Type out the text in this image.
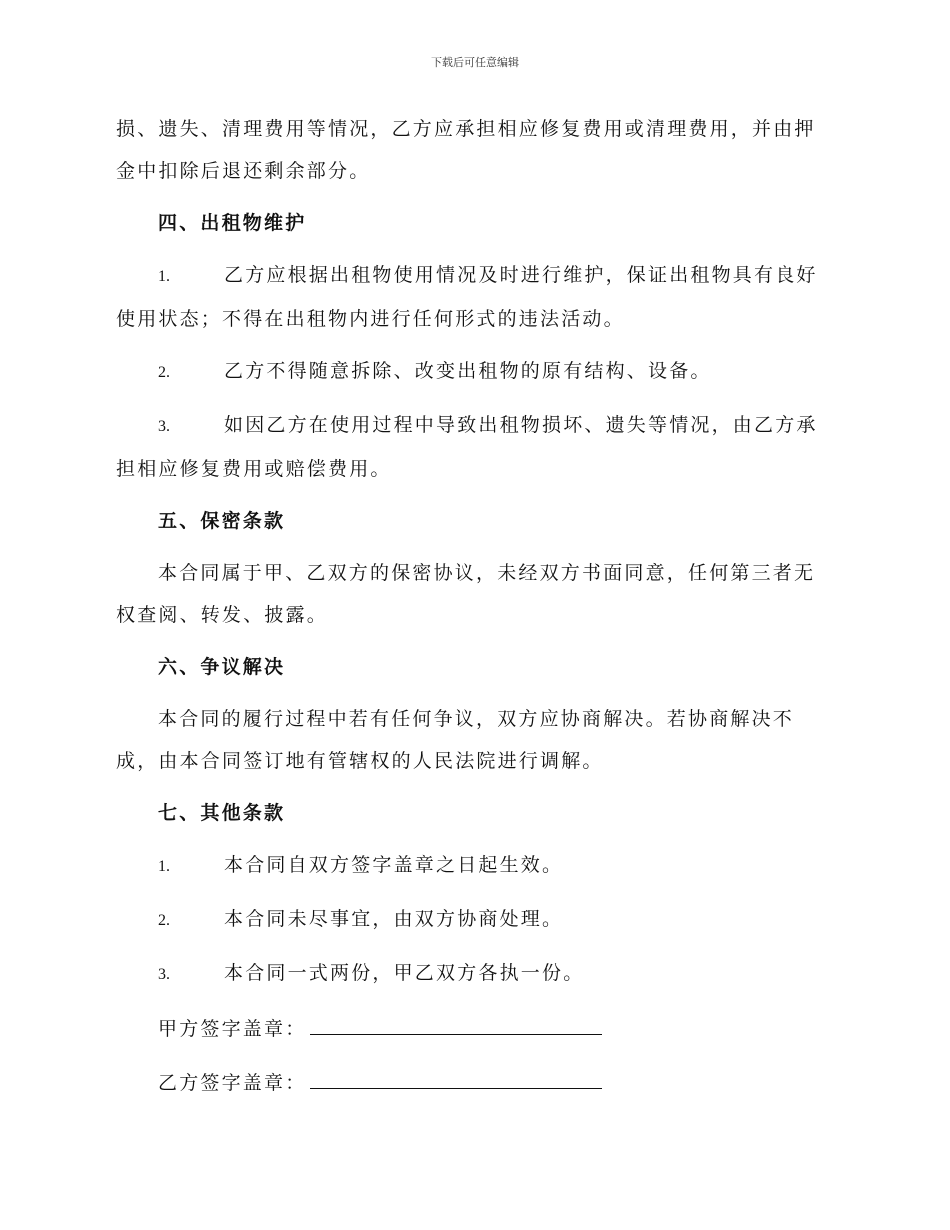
下载后可任意编辑

损、遗失、清理费用等情况，乙方应承担相应修复费用或清理费用，并由押金中扣除后退还剩余部分。

四、出租物维护
1.	乙方应根据出租物使用情况及时进行维护，保证出租物具有良好使用状态；不得在出租物内进行任何形式的违法活动。
2.	乙方不得随意拆除、改变出租物的原有结构、设备。
3.	如因乙方在使用过程中导致出租物损坏、遗失等情况，由乙方承担相应修复费用或赔偿费用。
五、保密条款

本合同属于甲、乙双方的保密协议，未经双方书面同意，任何第三者无权查阅、转发、披露。

六、争议解决

本合同的履行过程中若有任何争议，双方应协商解决。若协商解决不成，由本合同签订地有管辖权的人民法院进行调解。

七、其他条款
1.	本合同自双方签字盖章之日起生效。
2.	本合同未尽事宜，由双方协商处理。
3.	本合同一式两份，甲乙双方各执一份。
甲方签字盖章：
乙方签字盖章：
